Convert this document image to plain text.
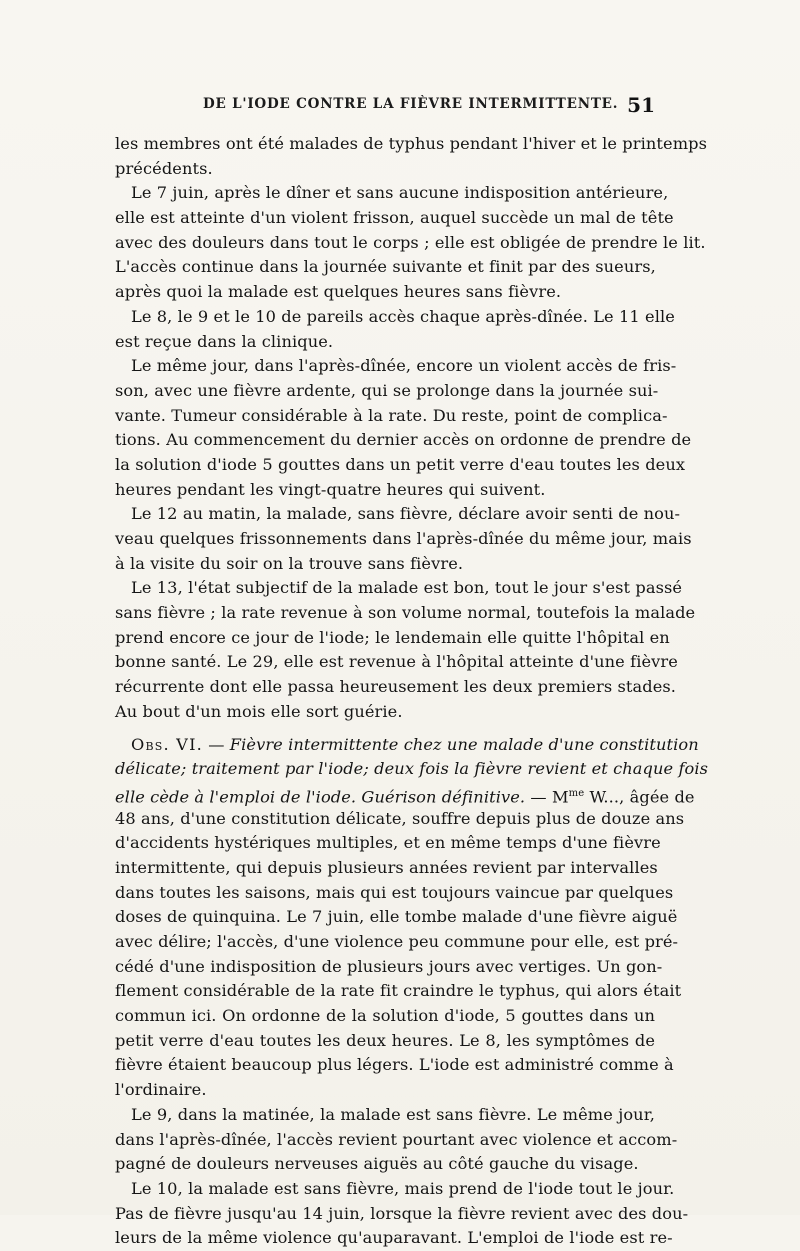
DE L'IODE CONTRE LA FIÈVRE INTERMITTENTE. 51
les membres ont été malades de typhus pendant l'hiver et le printemps
précédents.
Le 7 juin, après le dîner et sans aucune indisposition antérieure,
elle est atteinte d'un violent frisson, auquel succède un mal de tête
avec des douleurs dans tout le corps ; elle est obligée de prendre le lit.
L'accès continue dans la journée suivante et finit par des sueurs,
après quoi la malade est quelques heures sans fièvre.
Le 8, le 9 et le 10 de pareils accès chaque après-dînée. Le 11 elle
est reçue dans la clinique.
Le même jour, dans l'après-dînée, encore un violent accès de fris-
son, avec une fièvre ardente, qui se prolonge dans la journée sui-
vante. Tumeur considérable à la rate. Du reste, point de complica-
tions. Au commencement du dernier accès on ordonne de prendre de
la solution d'iode 5 gouttes dans un petit verre d'eau toutes les deux
heures pendant les vingt-quatre heures qui suivent.
Le 12 au matin, la malade, sans fièvre, déclare avoir senti de nou-
veau quelques frissonnements dans l'après-dînée du même jour, mais
à la visite du soir on la trouve sans fièvre.
Le 13, l'état subjectif de la malade est bon, tout le jour s'est passé
sans fièvre ; la rate revenue à son volume normal, toutefois la malade
prend encore ce jour de l'iode; le lendemain elle quitte l'hôpital en
bonne santé. Le 29, elle est revenue à l'hôpital atteinte d'une fièvre
récurrente dont elle passa heureusement les deux premiers stades.
Au bout d'un mois elle sort guérie.
Obs. VI. — Fièvre intermittente chez une malade d'une constitution
délicate; traitement par l'iode; deux fois la fièvre revient et chaque fois
elle cède à l'emploi de l'iode. Guérison définitive. — $M^{me}$ W..., âgée de
48 ans, d'une constitution délicate, souffre depuis plus de douze ans
d'accidents hystériques multiples, et en même temps d'une fièvre
intermittente, qui depuis plusieurs années revient par intervalles
dans toutes les saisons, mais qui est toujours vaincue par quelques
doses de quinquina. Le 7 juin, elle tombe malade d'une fièvre aiguë
avec délire; l'accès, d'une violence peu commune pour elle, est pré-
cédé d'une indisposition de plusieurs jours avec vertiges. Un gon-
flement considérable de la rate fit craindre le typhus, qui alors était
commun ici. On ordonne de la solution d'iode, 5 gouttes dans un
petit verre d'eau toutes les deux heures. Le 8, les symptômes de
fièvre étaient beaucoup plus légers. L'iode est administré comme à
l'ordinaire.
Le 9, dans la matinée, la malade est sans fièvre. Le même jour,
dans l'après-dînée, l'accès revient pourtant avec violence et accom-
pagné de douleurs nerveuses aiguës au côté gauche du visage.
Le 10, la malade est sans fièvre, mais prend de l'iode tout le jour.
Pas de fièvre jusqu'au 14 juin, lorsque la fièvre revient avec des dou-
leurs de la même violence qu'auparavant. L'emploi de l'iode est re-
